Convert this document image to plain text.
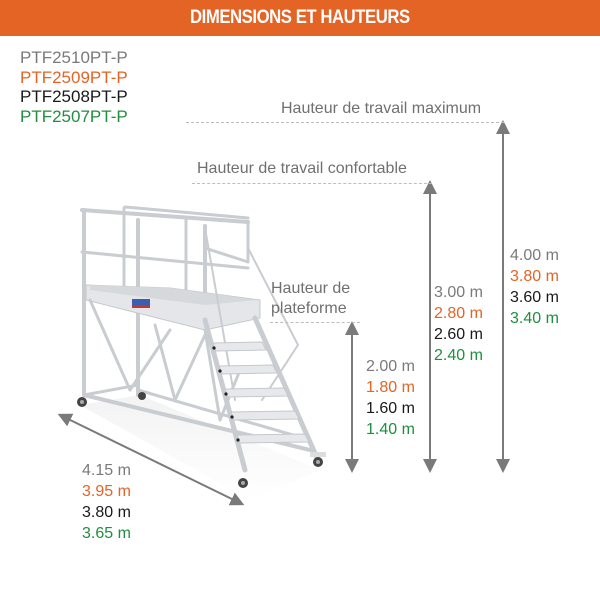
DIMENSIONS ET HAUTEURS
PTF2510PT-P
PTF2509PT-P
PTF2508PT-P
PTF2507PT-P	Hauteur de travail maximum
Hauteur de travail confortable
Hauteur de
plateforme
2.00 m
1.80 m
1.60 m
1.40 m
3.00 m
2.80 m
2.60 m
2.40 m
4.00 m
3.80 m
3.60 m
3.40 m
4.15 m
3.95 m
3.80 m
3.65 m
